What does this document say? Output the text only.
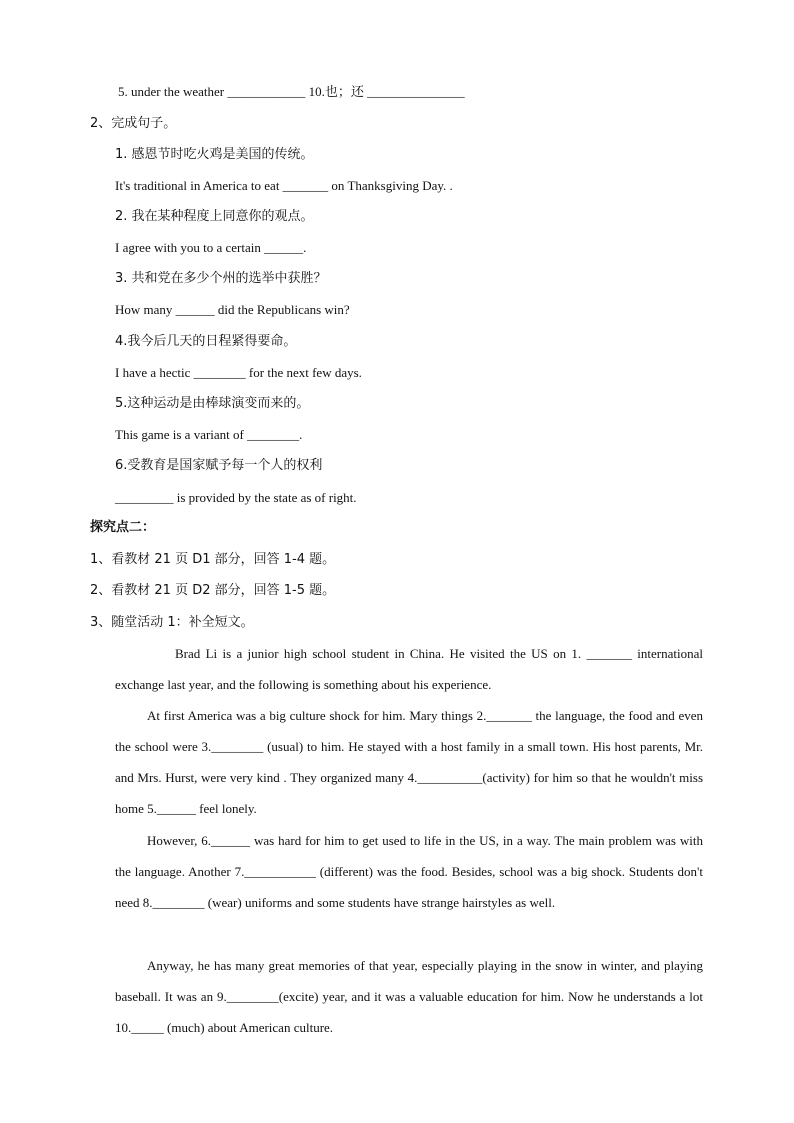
5. under the weather ____________ 10.也；还 _______________
2、完成句子。
1. 感恩节时吃火鸡是美国的传统。
It's traditional in America to eat _______ on Thanksgiving Day. .
2. 我在某种程度上同意你的观点。
I agree with you to a certain ______.
3. 共和党在多少个州的选举中获胜？
How many ______ did the Republicans win?
4.我今后几天的日程紧得要命。
I have a hectic ________ for the next few days.
5.这种运动是由棒球演变而来的。
This game is a variant of ________.
6.受教育是国家赋予每一个人的权利
_________ is provided by the state as of right.
探究点二：
1、看教材 21 页 D1 部分，回答 1-4 题。
2、看教材 21 页 D2 部分，回答 1-5 题。
3、随堂活动 1：补全短文。
Brad Li is a junior high school student in China. He visited the US on 1. _______ international exchange last year, and the following is something about his experience.
At first America was a big culture shock for him. Mary things 2._______ the language, the food and even the school were 3.________ (usual) to him. He stayed with a host family in a small town. His host parents, Mr. and Mrs. Hurst, were very kind . They organized many 4.__________(activity) for him so that he wouldn't miss home 5.______ feel lonely.
However, 6.______ was hard for him to get used to life in the US, in a way. The main problem was with the language. Another 7.___________ (different) was the food. Besides, school was a big shock. Students don't need 8.________ (wear) uniforms and some students have strange hairstyles as well.
Anyway, he has many great memories of that year, especially playing in the snow in winter, and playing baseball. It was an 9.________(excite) year, and it was a valuable education for him. Now he understands a lot 10._____ (much) about American culture.
